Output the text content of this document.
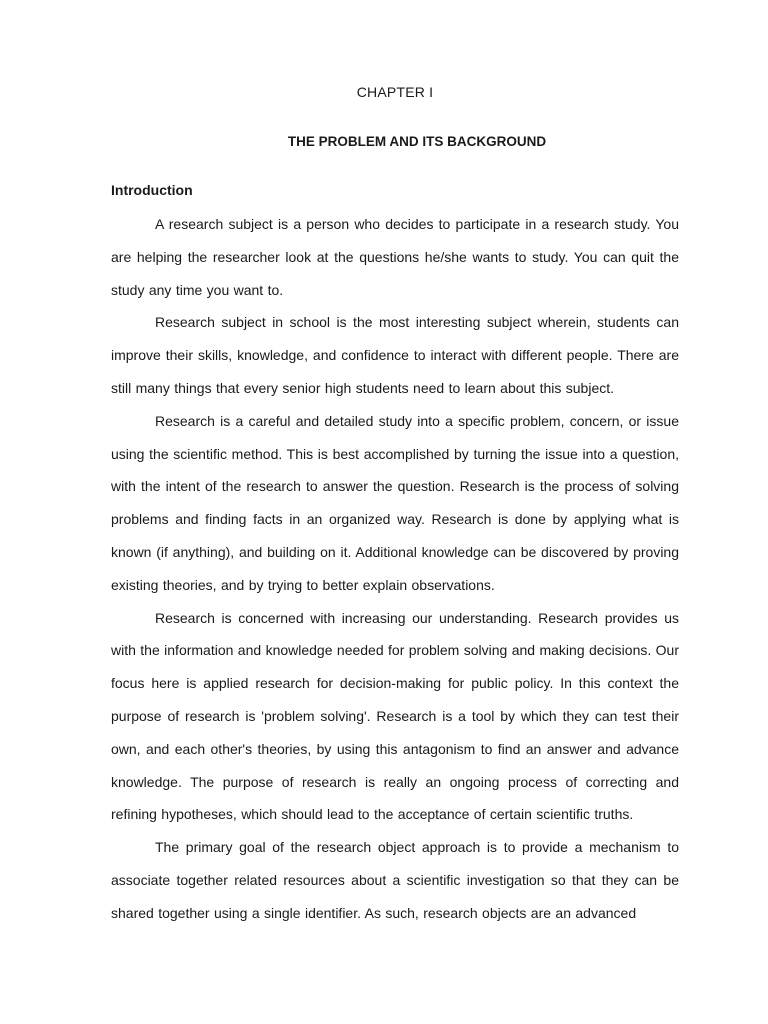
CHAPTER I
THE PROBLEM AND ITS BACKGROUND
Introduction

A research subject is a person who decides to participate in a research study. You are helping the researcher look at the questions he/she wants to study. You can quit the study any time you want to.

Research subject in school is the most interesting subject wherein, students can improve their skills, knowledge, and confidence to interact with different people. There are still many things that every senior high students need to learn about this subject.

Research is a careful and detailed study into a specific problem, concern, or issue using the scientific method. This is best accomplished by turning the issue into a question, with the intent of the research to answer the question. Research is the process of solving problems and finding facts in an organized way. Research is done by applying what is known (if anything), and building on it. Additional knowledge can be discovered by proving existing theories, and by trying to better explain observations.

Research is concerned with increasing our understanding. Research provides us with the information and knowledge needed for problem solving and making decisions. Our focus here is applied research for decision-making for public policy. In this context the purpose of research is 'problem solving'. Research is a tool by which they can test their own, and each other's theories, by using this antagonism to find an answer and advance knowledge. The purpose of research is really an ongoing process of correcting and refining hypotheses, which should lead to the acceptance of certain scientific truths.

The primary goal of the research object approach is to provide a mechanism to associate together related resources about a scientific investigation so that they can be shared together using a single identifier. As such, research objects are an advanced
